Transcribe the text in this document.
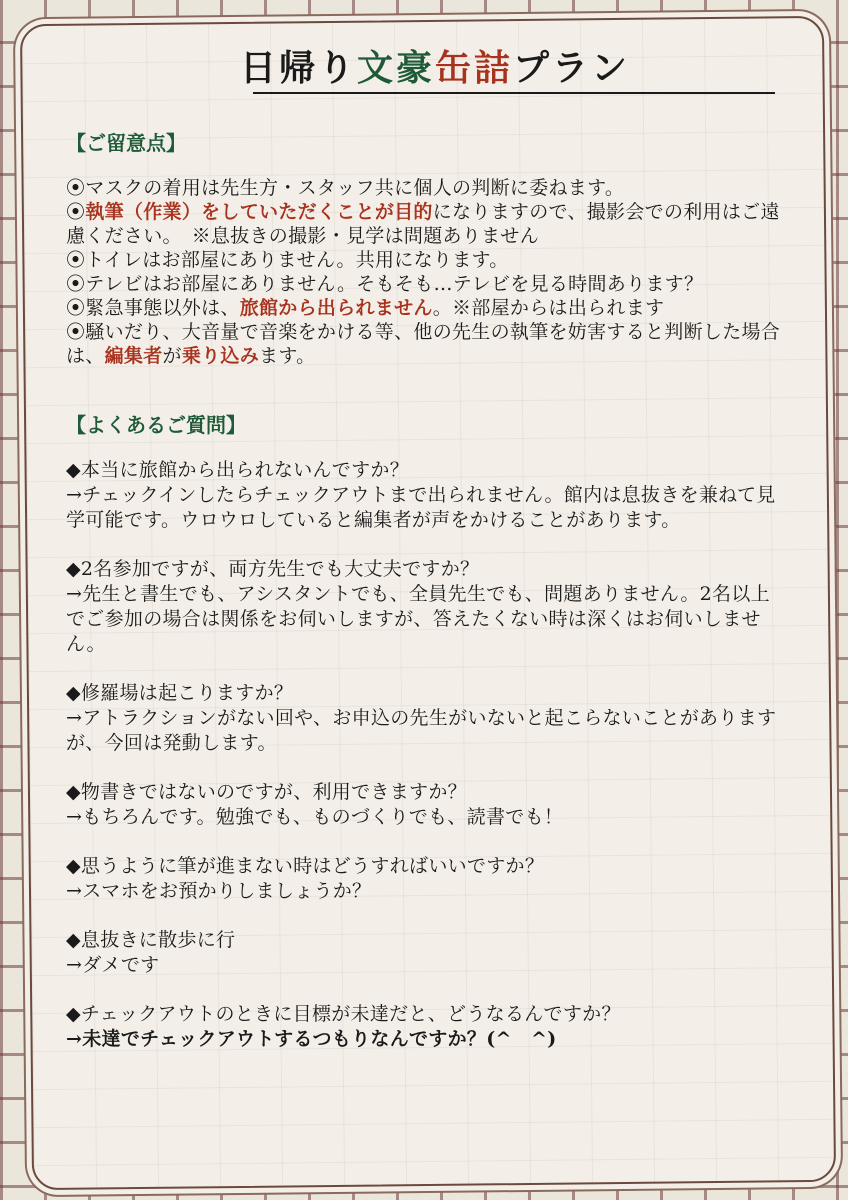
日帰り文豪缶詰プラン
【ご留意点】
⦿マスクの着用は先生方・スタッフ共に個人の判断に委ねます。
⦿執筆（作業）をしていただくことが目的になりますので、撮影会での利用はご遠慮ください。　※息抜きの撮影・見学は問題ありません
⦿トイレはお部屋にありません。共用になります。
⦿テレビはお部屋にありません。そもそも…テレビを見る時間あります？
⦿緊急事態以外は、旅館から出られません。※部屋からは出られます
⦿騒いだり、大音量で音楽をかける等、他の先生の執筆を妨害すると判断した場合は、編集者が乗り込みます。
【よくあるご質問】

◆本当に旅館から出られないんですか？

→チェックインしたらチェックアウトまで出られません。館内は息抜きを兼ねて見学可能です。ウロウロしていると編集者が声をかけることがあります。

◆2名参加ですが、両方先生でも大丈夫ですか？

→先生と書生でも、アシスタントでも、全員先生でも、問題ありません。2名以上でご参加の場合は関係をお伺いしますが、答えたくない時は深くはお伺いしません。

◆修羅場は起こりますか？

→アトラクションがない回や、お申込の先生がいないと起こらないことがありますが、今回は発動します。

◆物書きではないのですが、利用できますか？

→もちろんです。勉強でも、ものづくりでも、読書でも！

◆思うように筆が進まない時はどうすればいいですか？

→スマホをお預かりしましょうか？

◆息抜きに散歩に行

→ダメです

◆チェックアウトのときに目標が未達だと、どうなるんですか？

→未達でチェックアウトするつもりなんですか？(^　^)
